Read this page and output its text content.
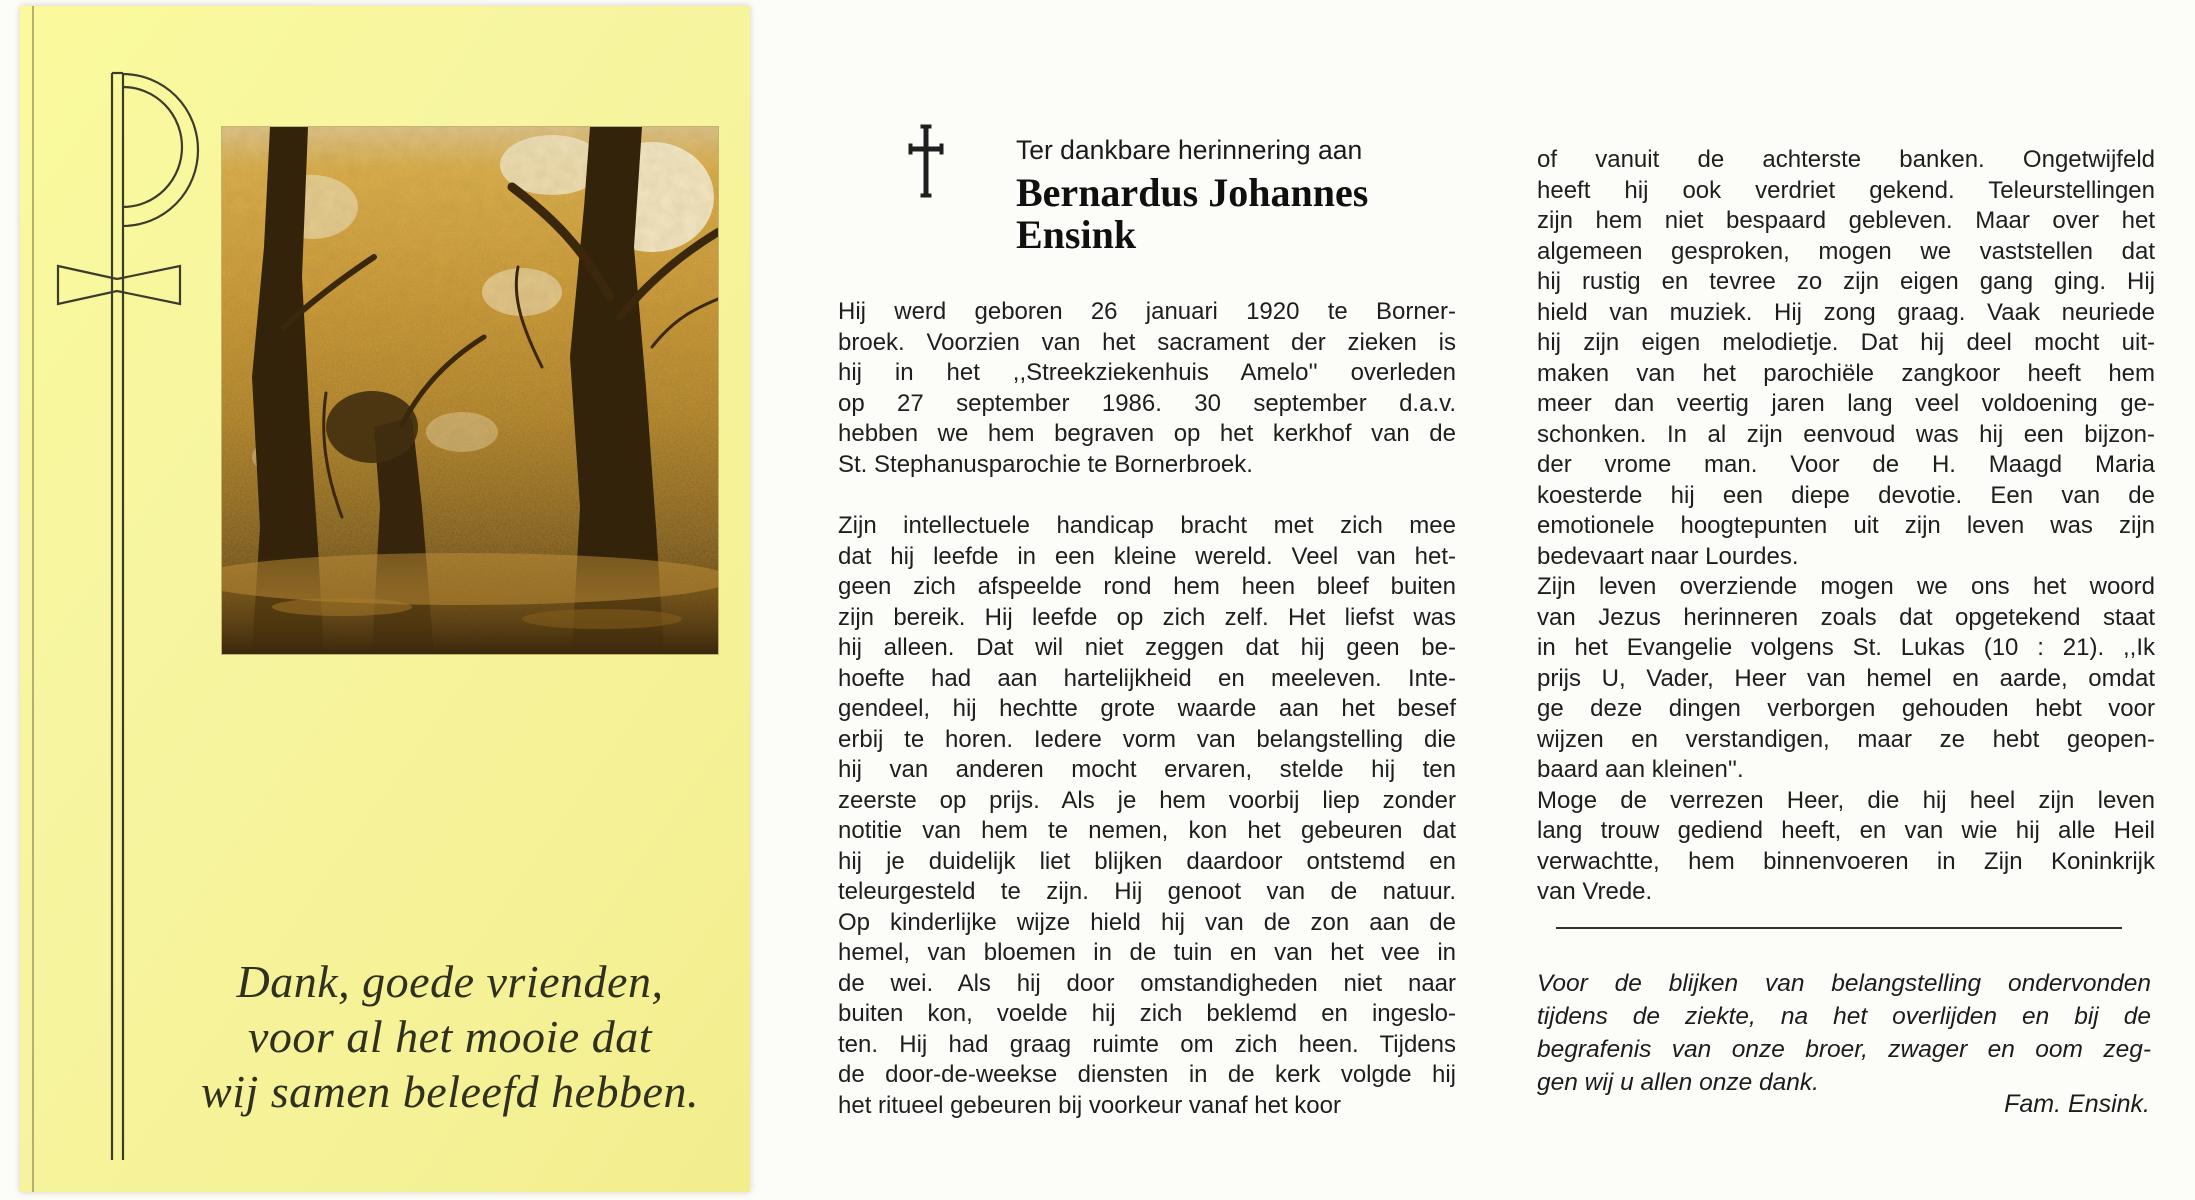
Dank, goede vrienden,
voor al het mooie dat
wij samen beleefd hebben.
Ter dankbare herinnering aan
Bernardus Johannes
Ensink
Hij werd geboren 26 januari 1920 te Borner-
broek. Voorzien van het sacrament der zieken is
hij in het ,,Streekziekenhuis Amelo'' overleden
op 27 september 1986. 30 september d.a.v.
hebben we hem begraven op het kerkhof van de
St. Stephanusparochie te Bornerbroek.
Zijn intellectuele handicap bracht met zich mee
dat hij leefde in een kleine wereld. Veel van het-
geen zich afspeelde rond hem heen bleef buiten
zijn bereik. Hij leefde op zich zelf. Het liefst was
hij alleen. Dat wil niet zeggen dat hij geen be-
hoefte had aan hartelijkheid en meeleven. Inte-
gendeel, hij hechtte grote waarde aan het besef
erbij te horen. Iedere vorm van belangstelling die
hij van anderen mocht ervaren, stelde hij ten
zeerste op prijs. Als je hem voorbij liep zonder
notitie van hem te nemen, kon het gebeuren dat
hij je duidelijk liet blijken daardoor ontstemd en
teleurgesteld te zijn. Hij genoot van de natuur.
Op kinderlijke wijze hield hij van de zon aan de
hemel, van bloemen in de tuin en van het vee in
de wei. Als hij door omstandigheden niet naar
buiten kon, voelde hij zich beklemd en ingeslo-
ten. Hij had graag ruimte om zich heen. Tijdens
de door-de-weekse diensten in de kerk volgde hij
het ritueel gebeuren bij voorkeur vanaf het koor
of vanuit de achterste banken. Ongetwijfeld
heeft hij ook verdriet gekend. Teleurstellingen
zijn hem niet bespaard gebleven. Maar over het
algemeen gesproken, mogen we vaststellen dat
hij rustig en tevree zo zijn eigen gang ging. Hij
hield van muziek. Hij zong graag. Vaak neuriede
hij zijn eigen melodietje. Dat hij deel mocht uit-
maken van het parochiële zangkoor heeft hem
meer dan veertig jaren lang veel voldoening ge-
schonken. In al zijn eenvoud was hij een bijzon-
der vrome man. Voor de H. Maagd Maria
koesterde hij een diepe devotie. Een van de
emotionele hoogtepunten uit zijn leven was zijn
bedevaart naar Lourdes.
Zijn leven overziende mogen we ons het woord
van Jezus herinneren zoals dat opgetekend staat
in het Evangelie volgens St. Lukas (10 : 21). ,,Ik
prijs U, Vader, Heer van hemel en aarde, omdat
ge deze dingen verborgen gehouden hebt voor
wijzen en verstandigen, maar ze hebt geopen-
baard aan kleinen''.
Moge de verrezen Heer, die hij heel zijn leven
lang trouw gediend heeft, en van wie hij alle Heil
verwachtte, hem binnenvoeren in Zijn Koninkrijk
van Vrede.
Voor de blijken van belangstelling ondervonden
tijdens de ziekte, na het overlijden en bij de
begrafenis van onze broer, zwager en oom zeg-
gen wij u allen onze dank.
Fam. Ensink.
